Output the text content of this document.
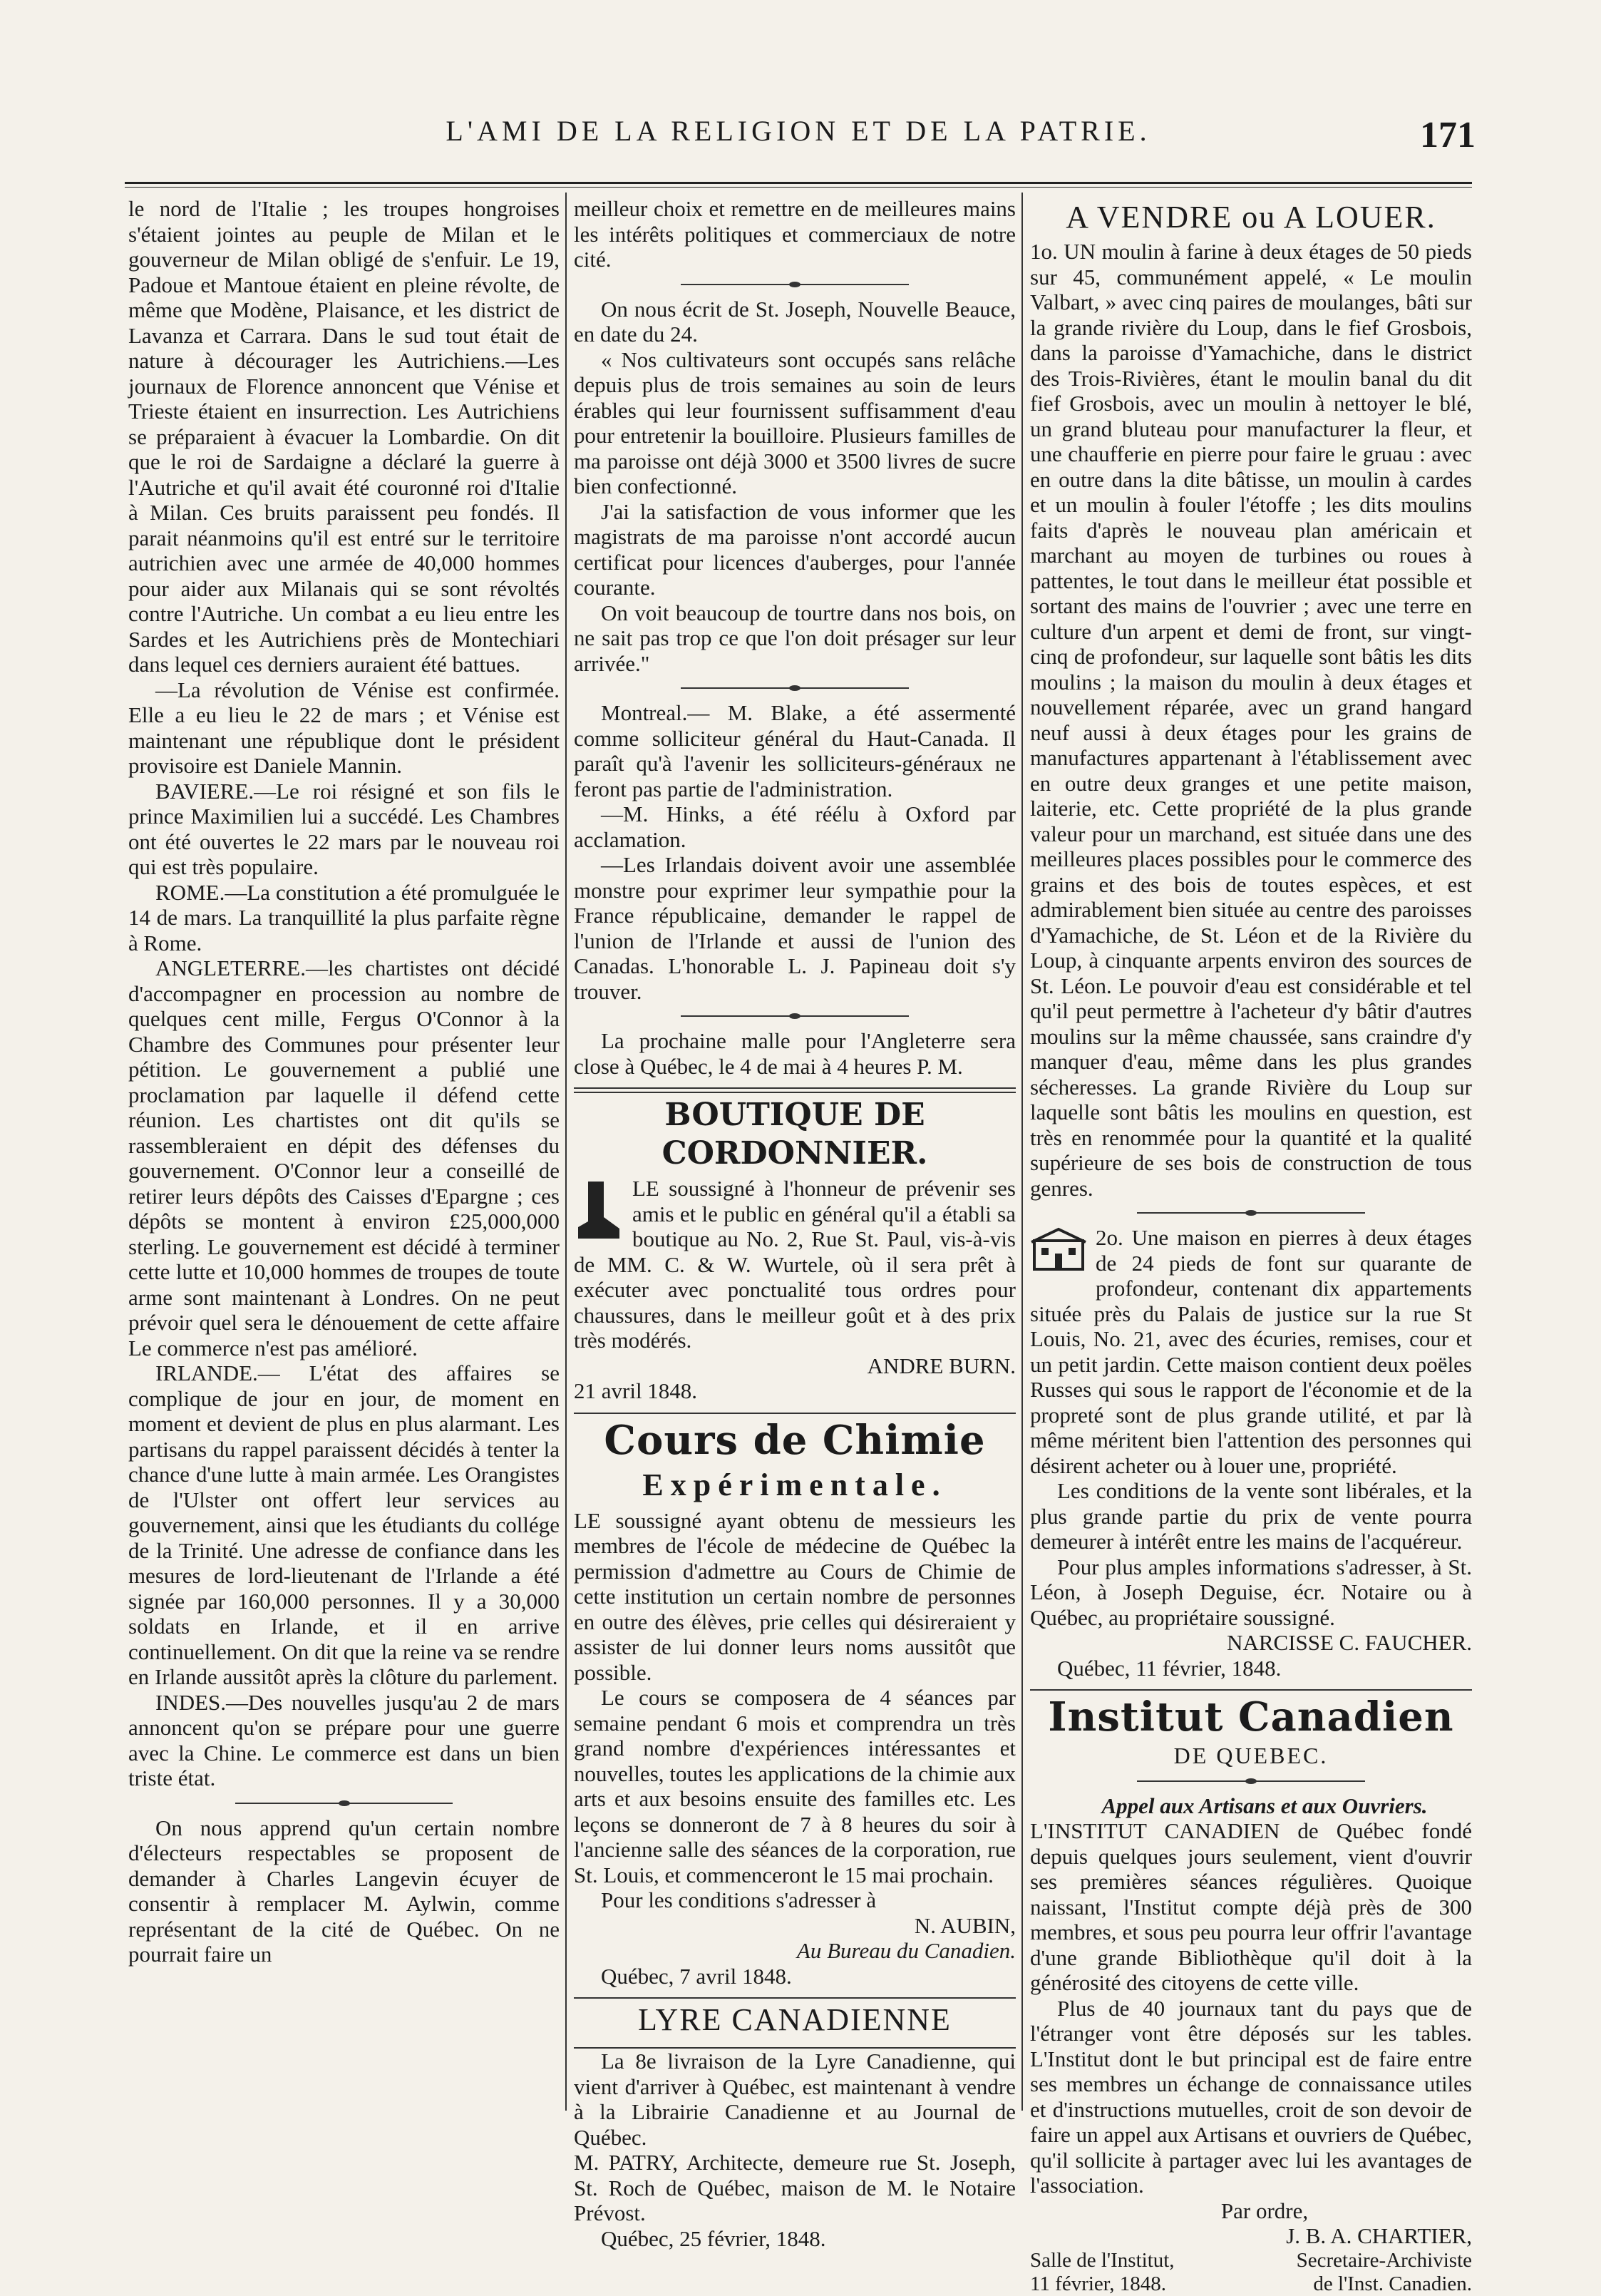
L'AMI DE LA RELIGION ET DE LA PATRIE.	171

le nord de l'Italie ; les troupes hongroises s'étaient jointes au peuple de Milan et le gouverneur de Milan obligé de s'enfuir. Le 19, Padoue et Mantoue étaient en pleine révolte, de même que Modène, Plaisance, et les district de Lavanza et Carrara. Dans le sud tout était de nature à décourager les Autrichiens.—Les journaux de Florence annoncent que Vénise et Trieste étaient en insurrection. Les Autrichiens se préparaient à évacuer la Lombardie. On dit que le roi de Sardaigne a déclaré la guerre à l'Autriche et qu'il avait été couronné roi d'Italie à Milan. Ces bruits paraissent peu fondés. Il parait néanmoins qu'il est entré sur le territoire autrichien avec une armée de 40,000 hommes pour aider aux Milanais qui se sont révoltés contre l'Autriche. Un combat a eu lieu entre les Sardes et les Autrichiens près de Montechiari dans lequel ces derniers auraient été battues.

—La révolution de Vénise est confirmée. Elle a eu lieu le 22 de mars ; et Vénise est maintenant une république dont le président provisoire est Daniele Mannin.

BAVIERE.—Le roi résigné et son fils le prince Maximilien lui a succédé. Les Chambres ont été ouvertes le 22 mars par le nouveau roi qui est très populaire.

ROME.—La constitution a été promulguée le 14 de mars. La tranquillité la plus parfaite règne à Rome.

ANGLETERRE.—les chartistes ont décidé d'accompagner en procession au nombre de quelques cent mille, Fergus O'Connor à la Chambre des Communes pour présenter leur pétition. Le gouvernement a publié une proclamation par laquelle il défend cette réunion. Les chartistes ont dit qu'ils se rassembleraient en dépit des défenses du gouvernement. O'Connor leur a conseillé de retirer leurs dépôts des Caisses d'Epargne ; ces dépôts se montent à environ £25,000,000 sterling. Le gouvernement est décidé à terminer cette lutte et 10,000 hommes de troupes de toute arme sont maintenant à Londres. On ne peut prévoir quel sera le dénouement de cette affaire Le commerce n'est pas amélioré.

IRLANDE.— L'état des affaires se complique de jour en jour, de moment en moment et devient de plus en plus alarmant. Les partisans du rappel paraissent décidés à tenter la chance d'une lutte à main armée. Les Orangistes de l'Ulster ont offert leur services au gouvernement, ainsi que les étudiants du collége de la Trinité. Une adresse de confiance dans les mesures de lord-lieutenant de l'Irlande a été signée par 160,000 personnes. Il y a 30,000 soldats en Irlande, et il en arrive continuellement. On dit que la reine va se rendre en Irlande aussitôt après la clôture du parlement.

INDES.—Des nouvelles jusqu'au 2 de mars annoncent qu'on se prépare pour une guerre avec la Chine. Le commerce est dans un bien triste état.

On nous apprend qu'un certain nombre d'électeurs respectables se proposent de demander à Charles Langevin écuyer de consentir à remplacer M. Aylwin, comme représentant de la cité de Québec. On ne pourrait faire un

meilleur choix et remettre en de meilleures mains les intérêts politiques et commerciaux de notre cité.

On nous écrit de St. Joseph, Nouvelle Beauce, en date du 24.

« Nos cultivateurs sont occupés sans relâche depuis plus de trois semaines au soin de leurs érables qui leur fournissent suffisamment d'eau pour entretenir la bouilloire. Plusieurs familles de ma paroisse ont déjà 3000 et 3500 livres de sucre bien confectionné.

J'ai la satisfaction de vous informer que les magistrats de ma paroisse n'ont accordé aucun certificat pour licences d'auberges, pour l'année courante.

On voit beaucoup de tourtre dans nos bois, on ne sait pas trop ce que l'on doit présager sur leur arrivée."

Montreal.— M. Blake, a été assermenté comme solliciteur général du Haut-Canada. Il paraît qu'à l'avenir les solliciteurs-généraux ne feront pas partie de l'administration.

—M. Hinks, a été réélu à Oxford par acclamation.

—Les Irlandais doivent avoir une assemblée monstre pour exprimer leur sympathie pour la France républicaine, demander le rappel de l'union de l'Irlande et aussi de l'union des Canadas. L'honorable L. J. Papineau doit s'y trouver.

La prochaine malle pour l'Angleterre sera close à Québec, le 4 de mai à 4 heures P. M.

BOUTIQUE DE CORDONNIER.

LE soussigné à l'honneur de prévenir ses amis et le public en général qu'il a établi sa boutique au No. 2, Rue St. Paul, vis-à-vis de MM. C. & W. Wurtele, où il sera prêt à exécuter avec ponctualité tous ordres pour chaussures, dans le meilleur goût et à des prix très modérés.

ANDRE BURN.

21 avril 1848.

Cours de Chimie
Expérimentale.

LE soussigné ayant obtenu de messieurs les membres de l'école de médecine de Québec la permission d'admettre au Cours de Chimie de cette institution un certain nombre de personnes en outre des élèves, prie celles qui désireraient y assister de lui donner leurs noms aussitôt que possible.

Le cours se composera de 4 séances par semaine pendant 6 mois et comprendra un très grand nombre d'expériences intéressantes et nouvelles, toutes les applications de la chimie aux arts et aux besoins ensuite des familles etc. Les leçons se donneront de 7 à 8 heures du soir à l'ancienne salle des séances de la corporation, rue St. Louis, et commenceront le 15 mai prochain.

Pour les conditions s'adresser à

N. AUBIN,

Au Bureau du Canadien.

Québec, 7 avril 1848.

LYRE CANADIENNE

La 8e livraison de la Lyre Canadienne, qui vient d'arriver à Québec, est maintenant à vendre à la Librairie Canadienne et au Journal de Québec.

M. PATRY, Architecte, demeure rue St. Joseph, St. Roch de Québec, maison de M. le Notaire Prévost.

Québec, 25 février, 1848.

A VENDRE ou A LOUER.

1o. UN moulin à farine à deux étages de 50 pieds sur 45, communément appelé, « Le moulin Valbart, » avec cinq paires de moulanges, bâti sur la grande rivière du Loup, dans le fief Grosbois, dans la paroisse d'Yamachiche, dans le district des Trois-Rivières, étant le moulin banal du dit fief Grosbois, avec un moulin à nettoyer le blé, un grand bluteau pour manufacturer la fleur, et une chaufferie en pierre pour faire le gruau : avec en outre dans la dite bâtisse, un moulin à cardes et un moulin à fouler l'étoffe ; les dits moulins faits d'après le nouveau plan américain et marchant au moyen de turbines ou roues à pattentes, le tout dans le meilleur état possible et sortant des mains de l'ouvrier ; avec une terre en culture d'un arpent et demi de front, sur vingt-cinq de profondeur, sur laquelle sont bâtis les dits moulins ; la maison du moulin à deux étages et nouvellement réparée, avec un grand hangard neuf aussi à deux étages pour les grains de manufactures appartenant à l'établissement avec en outre deux granges et une petite maison, laiterie, etc. Cette propriété de la plus grande valeur pour un marchand, est située dans une des meilleures places possibles pour le commerce des grains et des bois de toutes espèces, et est admirablement bien située au centre des paroisses d'Yamachiche, de St. Léon et de la Rivière du Loup, à cinquante arpents environ des sources de St. Léon. Le pouvoir d'eau est considérable et tel qu'il peut permettre à l'acheteur d'y bâtir d'autres moulins sur la même chaussée, sans craindre d'y manquer d'eau, même dans les plus grandes sécheresses. La grande Rivière du Loup sur laquelle sont bâtis les moulins en question, est très en renommée pour la quantité et la qualité supérieure de ses bois de construction de tous genres.

2o. Une maison en pierres à deux étages de 24 pieds de font sur quarante de profondeur, contenant dix appartements située près du Palais de justice sur la rue St Louis, No. 21, avec des écuries, remises, cour et un petit jardin. Cette maison contient deux poëles Russes qui sous le rapport de l'économie et de la propreté sont de plus grande utilité, et par là même méritent bien l'attention des personnes qui désirent acheter ou à louer une, propriété.

Les conditions de la vente sont libérales, et la plus grande partie du prix de vente pourra demeurer à intérêt entre les mains de l'acquéreur.

Pour plus amples informations s'adresser, à St. Léon, à Joseph Deguise, écr. Notaire ou à Québec, au propriétaire soussigné.

NARCISSE C. FAUCHER.

Québec, 11 février, 1848.

Institut Canadien
DE QUEBEC.

Appel aux Artisans et aux Ouvriers.

L'INSTITUT CANADIEN de Québec fondé depuis quelques jours seulement, vient d'ouvrir ses premières séances régulières. Quoique naissant, l'Institut compte déjà près de 300 membres, et sous peu pourra leur offrir l'avantage d'une grande Bibliothèque qu'il doit à la générosité des citoyens de cette ville.

Plus de 40 journaux tant du pays que de l'étranger vont être déposés sur les tables. L'Institut dont le but principal est de faire entre ses membres un échange de connaissance utiles et d'instructions mutuelles, croit de son devoir de faire un appel aux Artisans et ouvriers de Québec, qu'il sollicite à partager avec lui les avantages de l'association.

Par ordre,

J. B. A. CHARTIER,

Salle de l'Institut,
11 février, 1848.
Secretaire-Archiviste
de l'Inst. Canadien.
